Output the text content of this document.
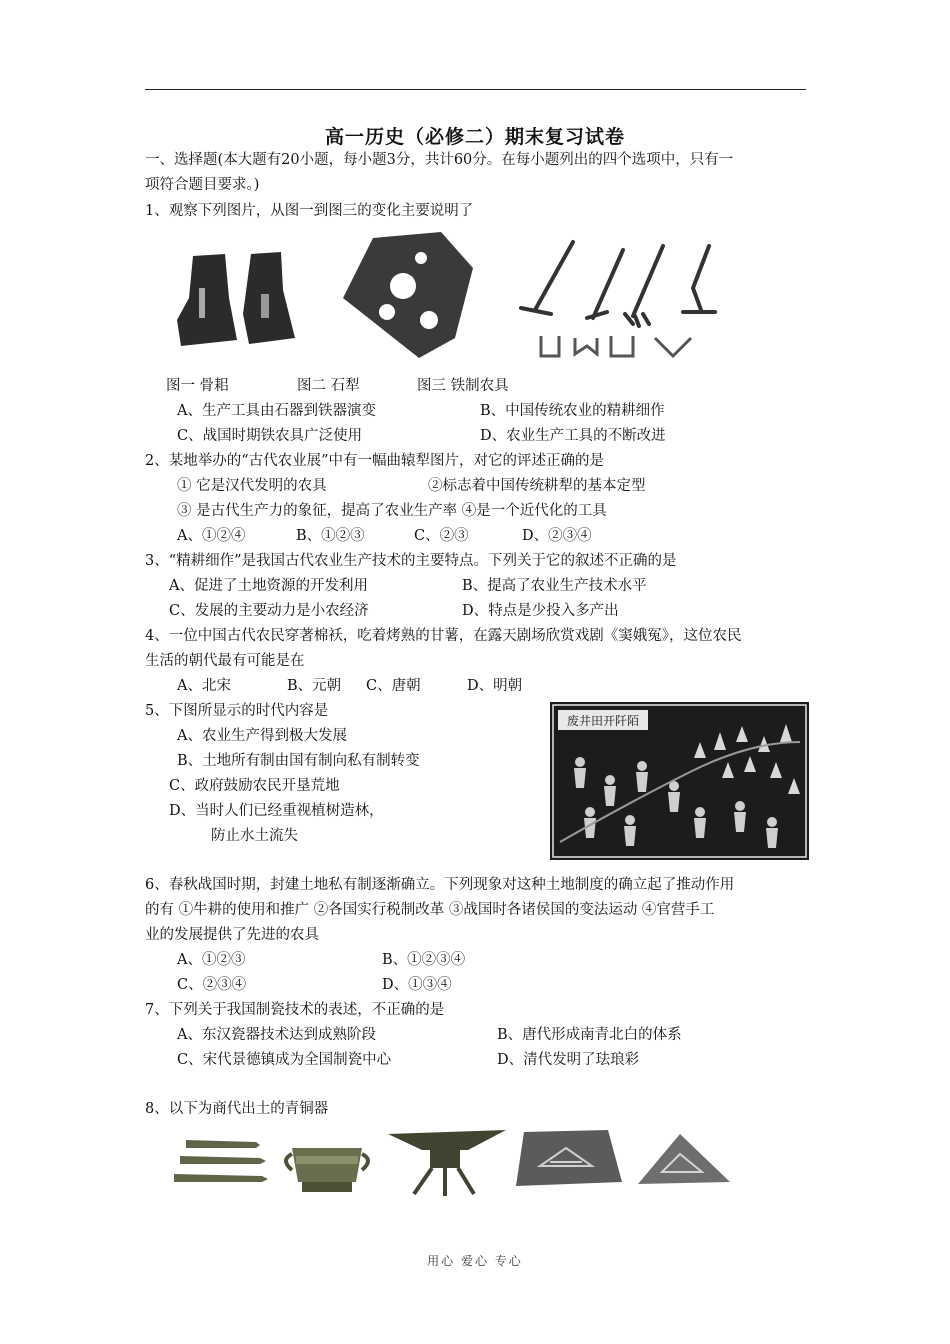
高一历史（必修二）期末复习试卷
一、选择题(本大题有20小题，每小题3分，共计60分。在每小题列出的四个选项中，只有一
项符合题目要求。)
1、观察下列图片，从图一到图三的变化主要说明了
图一 骨耜	图二 石犁	图三 铁制农具
A、生产工具由石器到铁器演变	B、中国传统农业的精耕细作
C、战国时期铁农具广泛使用	D、农业生产工具的不断改进
2、某地举办的“古代农业展”中有一幅曲辕犁图片，对它的评述正确的是
① 它是汉代发明的农具	②标志着中国传统耕犁的基本定型
③ 是古代生产力的象征，提高了农业生产率 ④是一个近代化的工具
A、①②④	B、①②③	C、②③	D、②③④
3、“精耕细作”是我国古代农业生产技术的主要特点。下列关于它的叙述不正确的是
A、促进了土地资源的开发利用	B、提高了农业生产技术水平
C、发展的主要动力是小农经济	D、特点是少投入多产出
4、一位中国古代农民穿著棉袄，吃着烤熟的甘薯，在露天剧场欣赏戏剧《窦娥冤》，这位农民
生活的朝代最有可能是在
A、北宋	B、元朝 C、唐朝	D、明朝
5、下图所显示的时代内容是
A、农业生产得到极大发展
B、土地所有制由国有制向私有制转变
C、政府鼓励农民开垦荒地
D、当时人们已经重视植树造林，
防止水土流失
废井田开阡陌
6、春秋战国时期，封建土地私有制逐渐确立。下列现象对这种土地制度的确立起了推动作用
的有 ①牛耕的使用和推广 ②各国实行税制改革 ③战国时各诸侯国的变法运动 ④官营手工
业的发展提供了先进的农具
A、①②③	B、①②③④
C、②③④	D、①③④
7、下列关于我国制瓷技术的表述，不正确的是
A、东汉瓷器技术达到成熟阶段	B、唐代形成南青北白的体系
C、宋代景德镇成为全国制瓷中心	D、清代发明了珐琅彩
8、以下为商代出土的青铜器
用心 爱心 专心
